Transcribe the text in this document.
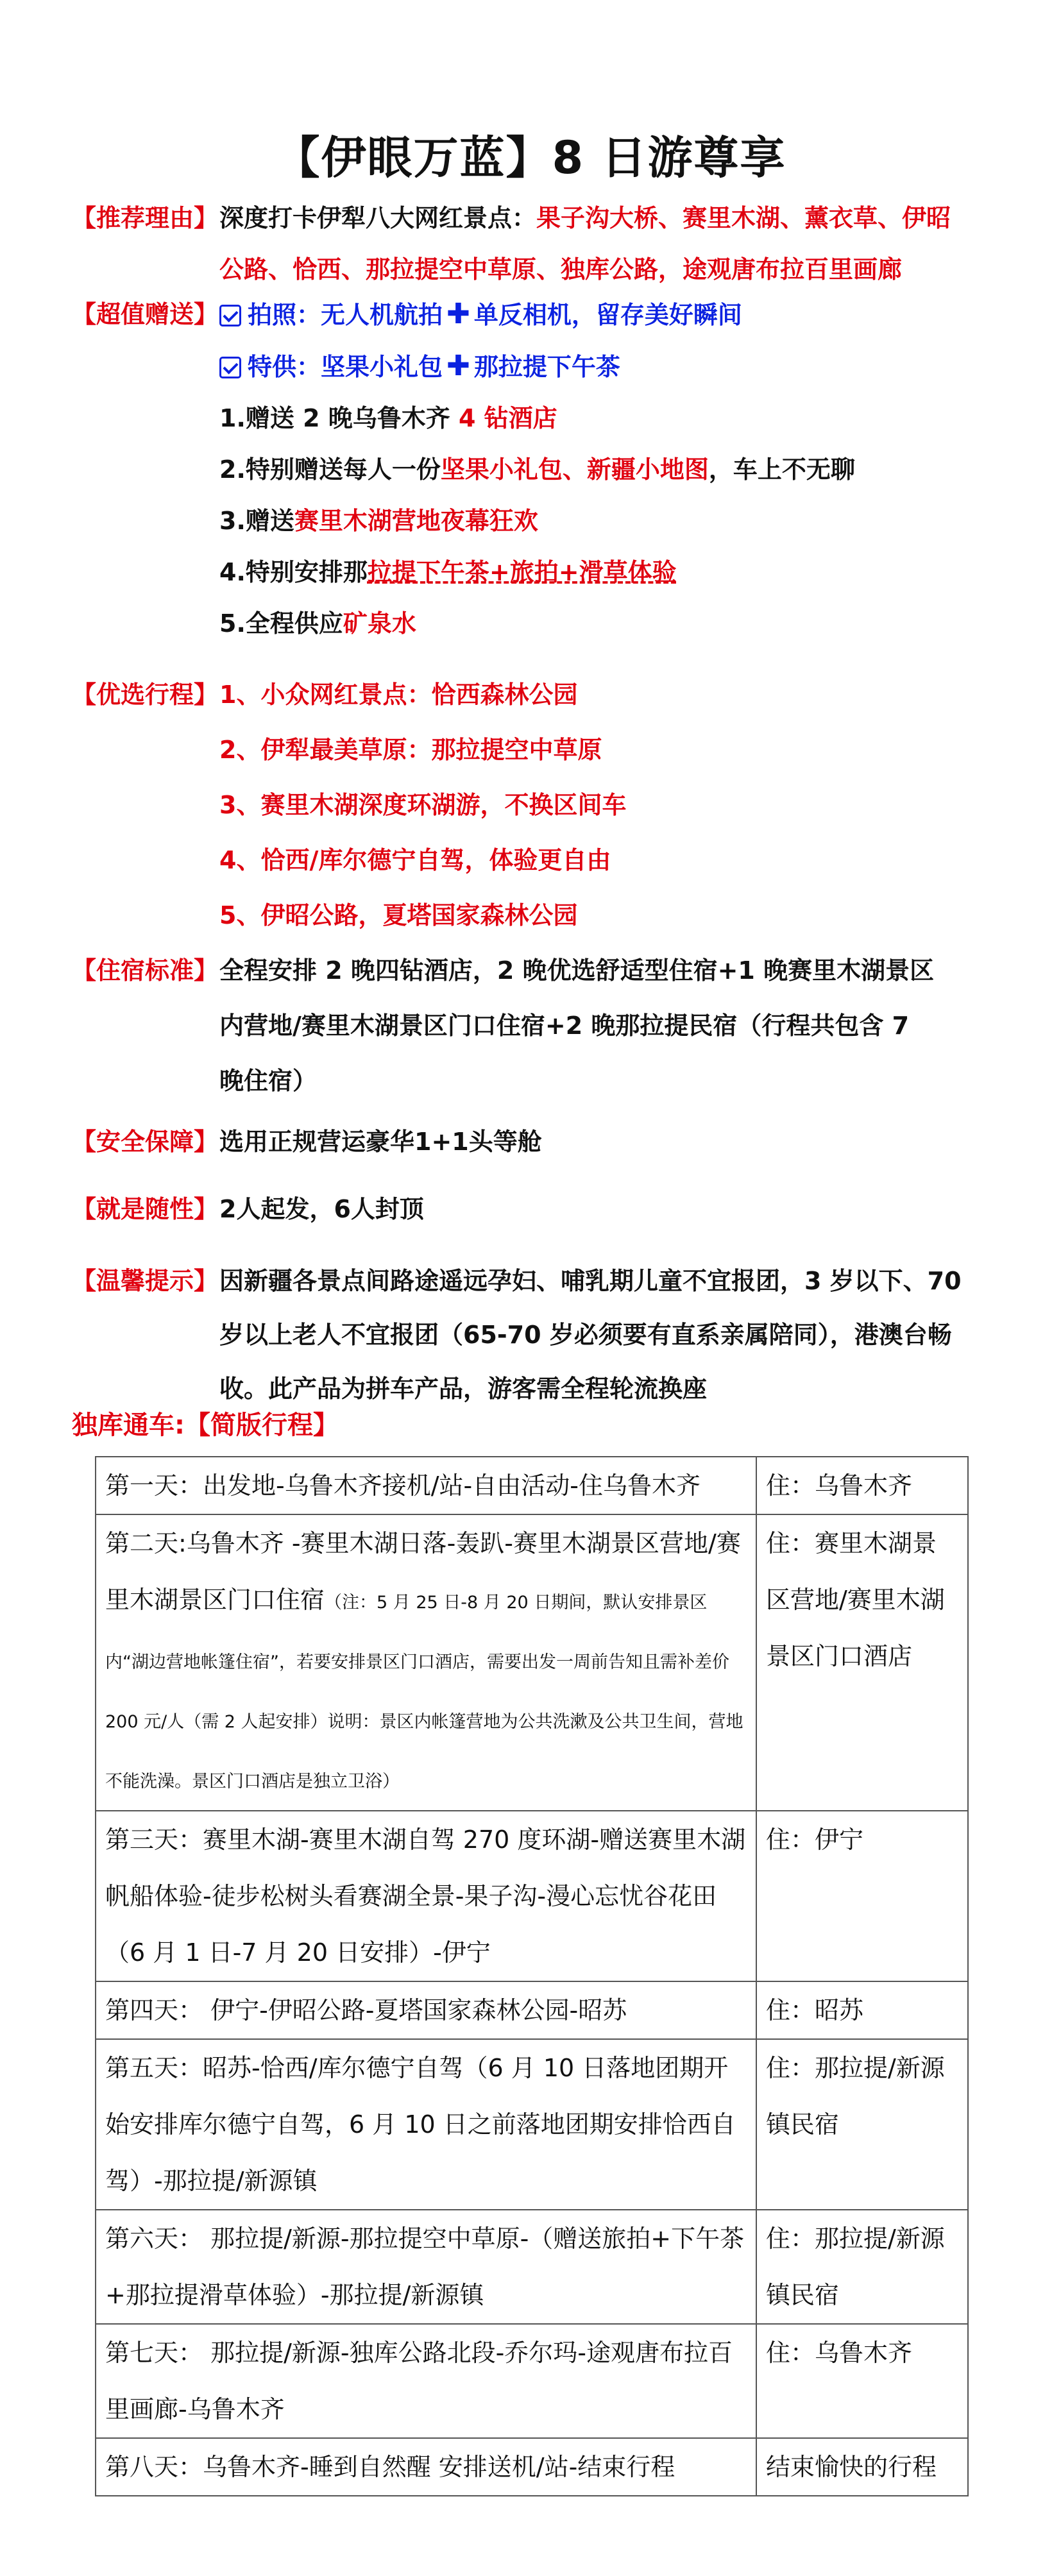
【伊眼万蓝】8 日游尊享
【推荐理由】 深度打卡伊犁八大网红景点：果子沟大桥、赛里木湖、薰衣草、伊昭
公路、恰西、那拉提空中草原、独库公路，途观唐布拉百里画廊
【超值赠送】	拍照：无人机航拍 ✚ 单反相机，留存美好瞬间
特供：坚果小礼包 ✚ 那拉提下午茶
1.赠送 2 晚乌鲁木齐 4 钻酒店
2.特别赠送每人一份坚果小礼包、新疆小地图，车上不无聊
3.赠送赛里木湖营地夜幕狂欢
4.特别安排那拉提下午茶+旅拍+滑草体验
5.全程供应矿泉水
【优选行程】 1、小众网红景点：恰西森林公园
2、伊犁最美草原：那拉提空中草原
3、赛里木湖深度环湖游，不换区间车
4、恰西/库尔德宁自驾，体验更自由
5、伊昭公路，夏塔国家森林公园
【住宿标准】 全程安排 2 晚四钻酒店，2 晚优选舒适型住宿+1 晚赛里木湖景区
内营地/赛里木湖景区门口住宿+2 晚那拉提民宿（行程共包含 7
晚住宿）
【安全保障】 选用正规营运豪华1+1头等舱
【就是随性】 2人起发，6人封顶
【温馨提示】 因新疆各景点间路途遥远孕妇、哺乳期儿童不宜报团，3 岁以下、70
岁以上老人不宜报团（65-70 岁必须要有直系亲属陪同），港澳台畅
收。此产品为拼车产品，游客需全程轮流换座
独库通车:【简版行程】
第一天：出发地-乌鲁木齐接机/站-自由活动-住乌鲁木齐	住：乌鲁木齐
第二天:乌鲁木齐 -赛里木湖日落-轰趴-赛里木湖景区营地/赛里木湖景区门口住宿（注：5 月 25 日-8 月 20 日期间，默认安排景区内“湖边营地帐篷住宿”，若要安排景区门口酒店，需要出发一周前告知且需补差价 200 元/人（需 2 人起安排）说明：景区内帐篷营地为公共洗漱及公共卫生间，营地不能洗澡。景区门口酒店是独立卫浴）	住：赛里木湖景区营地/赛里木湖景区门口酒店
第三天：赛里木湖-赛里木湖自驾 270 度环湖-赠送赛里木湖帆船体验-徒步松树头看赛湖全景-果子沟-漫心忘忧谷花田（6 月 1 日-7 月 20 日安排）-伊宁	住：伊宁
第四天： 伊宁-伊昭公路-夏塔国家森林公园-昭苏	住：昭苏
第五天：昭苏-恰西/库尔德宁自驾（6 月 10 日落地团期开始安排库尔德宁自驾，6 月 10 日之前落地团期安排恰西自驾）-那拉提/新源镇	住：那拉提/新源镇民宿
第六天： 那拉提/新源-那拉提空中草原-（赠送旅拍+下午茶+那拉提滑草体验）-那拉提/新源镇	住：那拉提/新源镇民宿
第七天： 那拉提/新源-独库公路北段-乔尔玛-途观唐布拉百里画廊-乌鲁木齐	住：乌鲁木齐
第八天：乌鲁木齐-睡到自然醒 安排送机/站-结束行程	结束愉快的行程
